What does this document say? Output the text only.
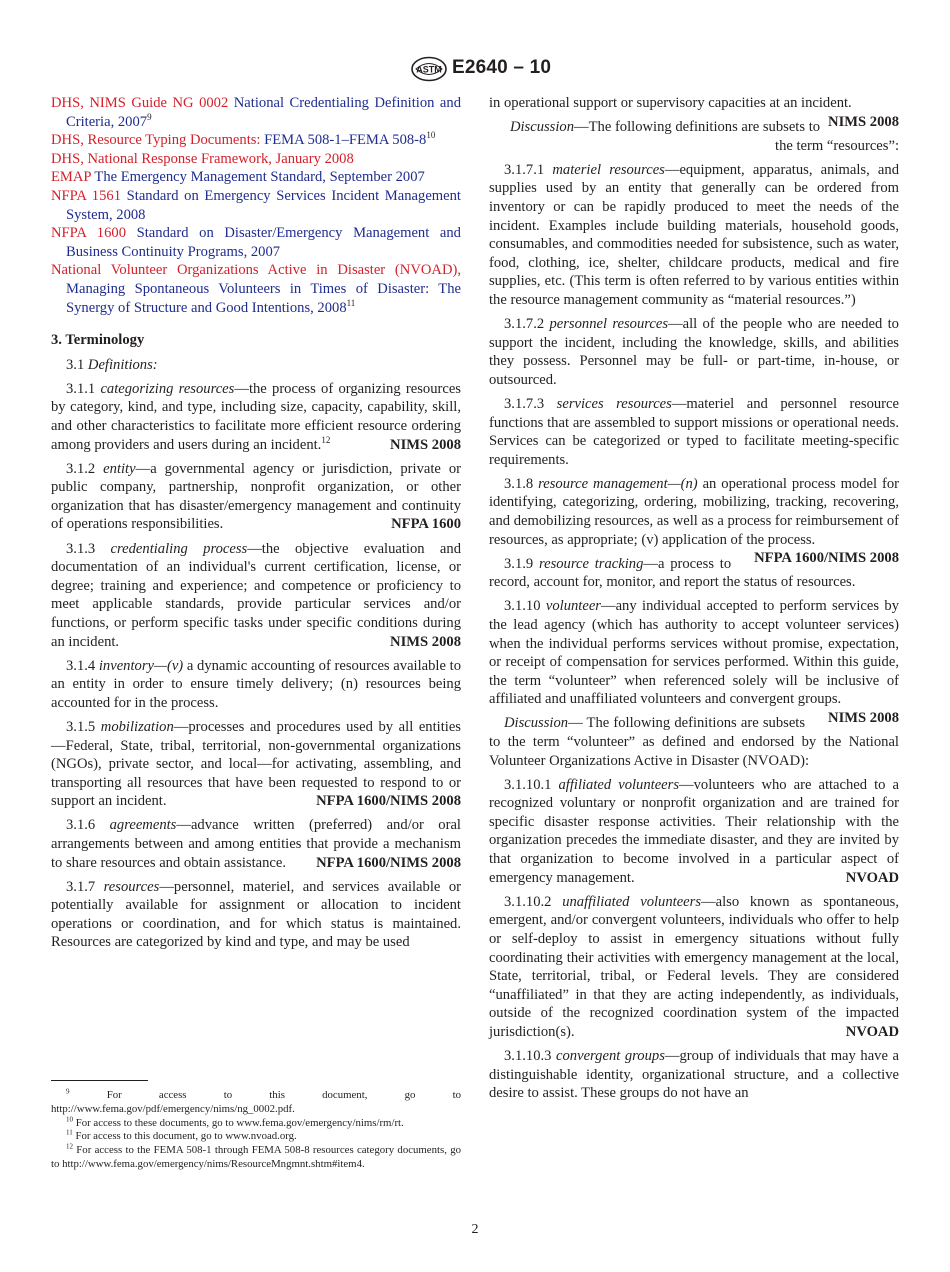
ASTM E2640 – 10

DHS, NIMS Guide NG 0002 National Credentialing Definition and Criteria, 2007$^9$

DHS, Resource Typing Documents: FEMA 508-1–FEMA $508-8^{10}$

DHS, National Response Framework, January 2008

EMAP The Emergency Management Standard, September 2007

NFPA 1561 Standard on Emergency Services Incident Management System, 2008

NFPA 1600 Standard on Disaster/Emergency Management and Business Continuity Programs, 2007

National Volunteer Organizations Active in Disaster (NVOAD), Managing Spontaneous Volunteers in Times of Disaster: The Synergy of Structure and Good Intentions, 2008$^{11}$

3. Terminology

3.1 Definitions:

3.1.1 categorizing resources—the process of organizing resources by category, kind, and type, including size, capacity, capability, skill, and other characteristics to facilitate more efficient resource ordering among providers and users during an incident.$^{12}$	NIMS 2008

3.1.2 entity—a governmental agency or jurisdiction, private or public company, partnership, nonprofit organization, or other organization that has disaster/emergency management and continuity of operations responsibilities.	NFPA 1600

3.1.3 credentialing process—the objective evaluation and documentation of an individual's current certification, license, or degree; training and experience; and competence or proficiency to meet applicable standards, provide particular services and/or functions, or perform specific tasks under specific conditions during an incident.	NIMS 2008

3.1.4 inventory—(v) a dynamic accounting of resources available to an entity in order to ensure timely delivery; (n) resources being accounted for in the process.

3.1.5 mobilization—processes and procedures used by all entities—Federal, State, tribal, territorial, non-governmental organizations (NGOs), private sector, and local—for activating, assembling, and transporting all resources that have been requested to respond to or support an incident.	NFPA 1600/NIMS 2008

3.1.6 agreements—advance written (preferred) and/or oral arrangements between and among entities that provide a mechanism to share resources and obtain assistance.	NFPA 1600/NIMS 2008

3.1.7 resources—personnel, materiel, and services available or potentially available for assignment or allocation to incident operations or coordination, and for which status is maintained. Resources are categorized by kind and type, and may be used

in operational support or supervisory capacities at an incident.
NIMS 2008

Discussion—The following definitions are subsets to the term “resources”:

3.1.7.1 materiel resources—equipment, apparatus, animals, and supplies used by an entity that generally can be ordered from inventory or can be rapidly produced to meet the needs of the incident. Examples include building materials, household goods, consumables, and commodities needed for subsistence, such as water, food, clothing, ice, shelter, childcare products, medical and fire supplies, etc. (This term is often referred to by various entities within the resource management community as “material resources.”)

3.1.7.2 personnel resources—all of the people who are needed to support the incident, including the knowledge, skills, and abilities they possess. Personnel may be full- or part-time, in-house, or outsourced.

3.1.7.3 services resources—materiel and personnel resource functions that are assembled to support missions or operational needs. Services can be categorized or typed to facilitate meeting-specific requirements.

3.1.8 resource management—(n) an operational process model for identifying, categorizing, ordering, mobilizing, tracking, recovering, and demobilizing resources, as well as a process for reimbursement of resources, as appropriate; (v) application of the process.
NFPA 1600/NIMS 2008

3.1.9 resource tracking—a process to record, account for, monitor, and report the status of resources.

3.1.10 volunteer—any individual accepted to perform services by the lead agency (which has authority to accept volunteer services) when the individual performs services without promise, expectation, or receipt of compensation for services performed. Within this guide, the term “volunteer” when referenced solely will be inclusive of affiliated and unaffiliated volunteers and convergent groups.
NIMS 2008

Discussion— The following definitions are subsets to the term “volunteer” as defined and endorsed by the National Volunteer Organizations Active in Disaster (NVOAD):

3.1.10.1 affiliated volunteers—volunteers who are attached to a recognized voluntary or nonprofit organization and are trained for specific disaster response activities. Their relationship with the organization precedes the immediate disaster, and they are invited by that organization to become involved in a particular aspect of emergency management.	NVOAD

3.1.10.2 unaffiliated volunteers—also known as spontaneous, emergent, and/or convergent volunteers, individuals who offer to help or self-deploy to assist in emergency situations without fully coordinating their activities with emergency management at the local, State, territorial, tribal, or Federal levels. They are considered “unaffiliated” in that they are acting independently, as individuals, outside of the recognized coordination system of the impacted jurisdiction(s).	NVOAD

3.1.10.3 convergent groups—group of individuals that may have a distinguishable identity, organizational structure, and a collective desire to assist. These groups do not have an

$^9$	For access to this document, go to http://www.fema.gov/pdf/emergency/nims/ng_0002.pdf.

$^{10}$ For access to these documents, go to www.fema.gov/emergency/nims/rm/rt.

$^{11}$ For access to this document, go to www.nvoad.org.

$^{12}$ For access to the FEMA 508-1 through FEMA 508-8 resources category documents, go to http://www.fema.gov/emergency/nims/ResourceMngmnt.shtm#item4.

2
